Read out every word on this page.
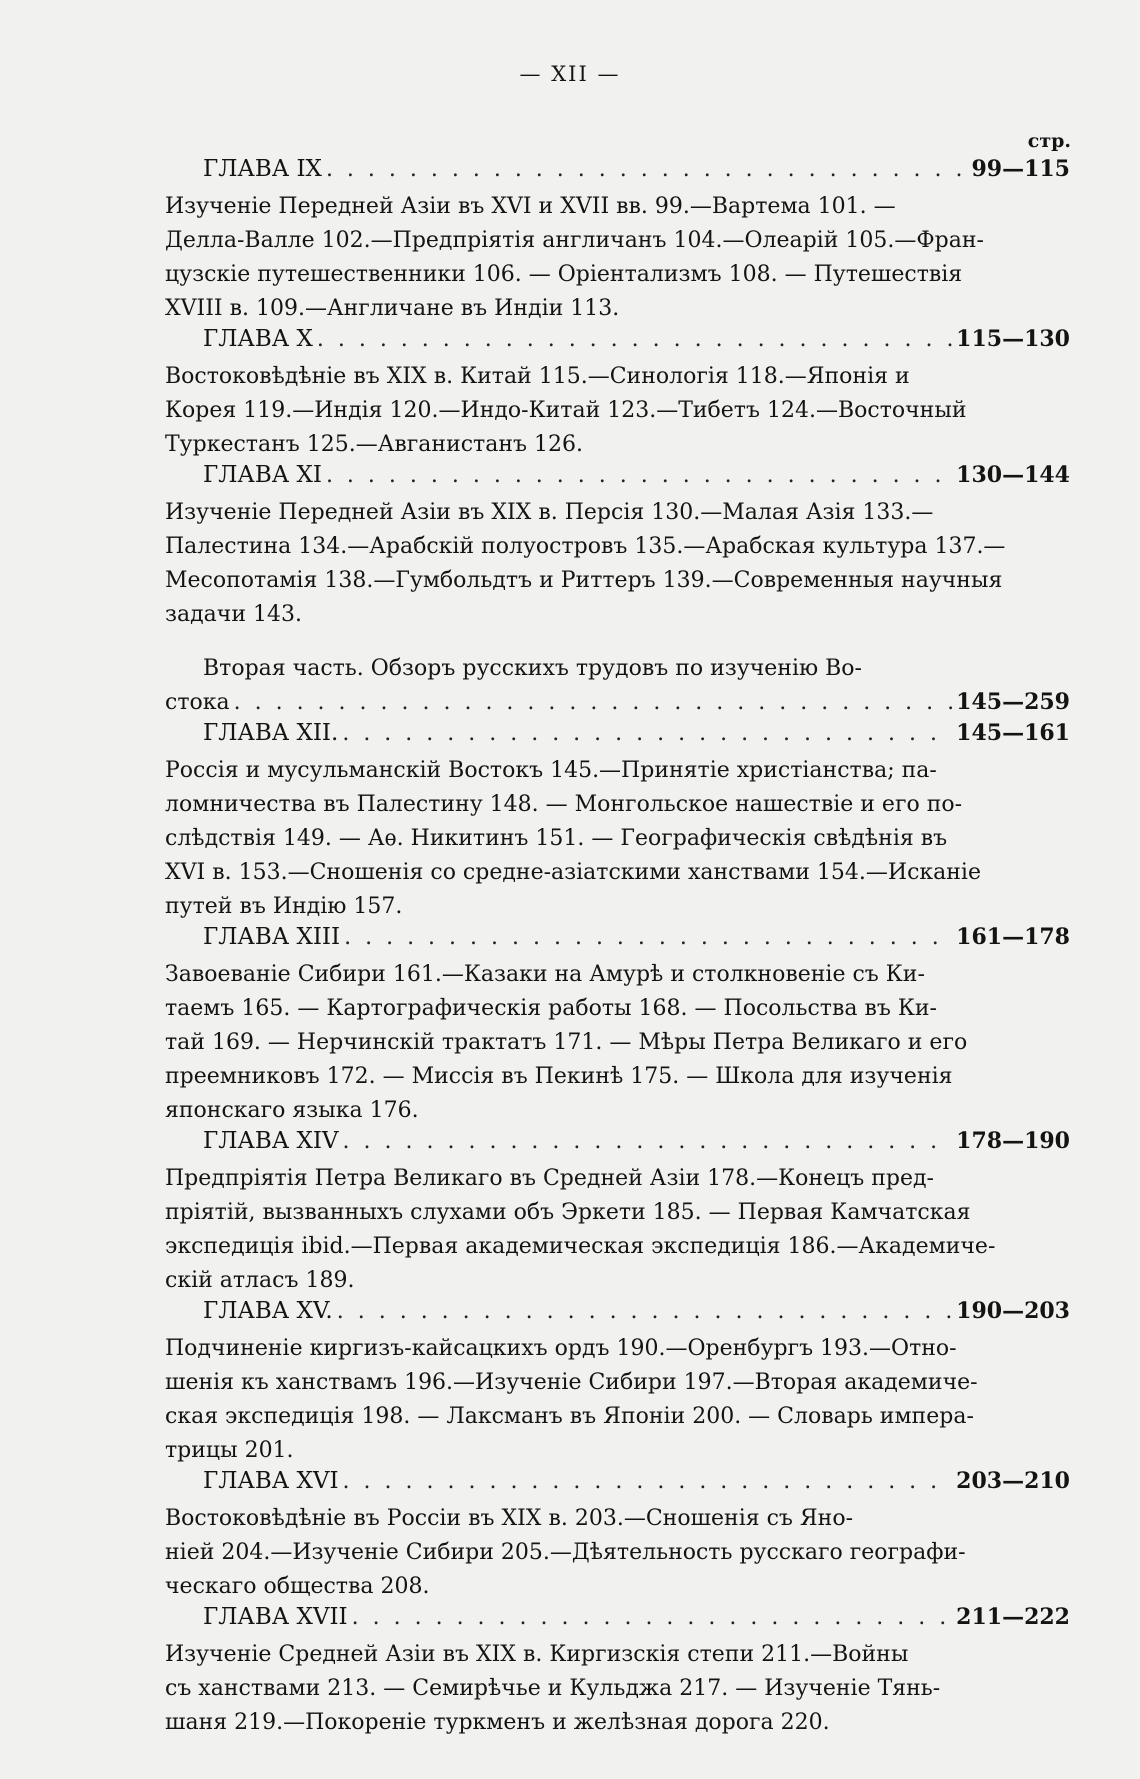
— XII —
стр.
ГЛАВА IX . . .	99—115
Изученіе Передней Азіи въ XVI и XVII вв. 99.—Вартема 101. —
Делла-Валле 102.—Предпріятія англичанъ 104.—Олеарій 105.—Фран-
цузскіе путешественники 106. — Оріентализмъ 108. — Путешествія
XVIII в. 109.—Англичане въ Индіи 113.
ГЛАВА X . . .	115—130
Востоковѣдѣніе въ XIX в. Китай 115.—Синологія 118.—Японія и
Корея 119.—Индія 120.—Индо-Китай 123.—Тибетъ 124.—Восточный
Туркестанъ 125.—Авганистанъ 126.
ГЛАВА XI . . .	130—144
Изученіе Передней Азіи въ XIX в. Персія 130.—Малая Азія 133.—
Палестина 134.—Арабскій полуостровъ 135.—Арабская культура 137.—
Месопотамія 138.—Гумбольдтъ и Риттеръ 139.—Современныя научныя
задачи 143.
Вторая часть. Обзоръ русскихъ трудовъ по изученію Во-
стока . . .	145—259
ГЛАВА XII. . . .	145—161
Россія и мусульманскій Востокъ 145.—Принятіе христіанства; па-
ломничества въ Палестину 148. — Монгольское нашествіе и его по-
слѣдствія 149. — Аѳ. Никитинъ 151. — Географическія свѣдѣнія въ
XVI в. 153.—Сношенія со средне-азіатскими ханствами 154.—Исканіе
путей въ Индію 157.
ГЛАВА XIII . . .	161—178
Завоеваніе Сибири 161.—Казаки на Амурѣ и столкновеніе съ Ки-
таемъ 165. — Картографическія работы 168. — Посольства въ Ки-
тай 169. — Нерчинскій трактатъ 171. — Мѣры Петра Великаго и его
преемниковъ 172. — Миссія въ Пекинѣ 175. — Школа для изученія
японскаго языка 176.
ГЛАВА XIV . . .	178—190
Предпріятія Петра Великаго въ Средней Азіи 178.—Конецъ пред-
пріятій, вызванныхъ слухами объ Эркети 185. — Первая Камчатская
экспедиція ibid.—Первая академическая экспедиція 186.—Академиче-
скій атласъ 189.
ГЛАВА XV. . . .	190—203
Подчиненіе киргизъ-кайсацкихъ ордъ 190.—Оренбургъ 193.—Отно-
шенія къ ханствамъ 196.—Изученіе Сибири 197.—Вторая академиче-
ская экспедиція 198. — Лаксманъ въ Японіи 200. — Словарь импера-
трицы 201.
ГЛАВА XVI . . .	203—210
Востоковѣдѣніе въ Россіи въ XIX в. 203.—Сношенія съ Яно-
ніей 204.—Изученіе Сибири 205.—Дѣятельность русскаго географи-
ческаго общества 208.
ГЛАВА XVII . . .	211—222
Изученіе Средней Азіи въ XIX в. Киргизскія степи 211.—Войны
съ ханствами 213. — Семирѣчье и Кульджа 217. — Изученіе Тянь-
шаня 219.—Покореніе туркменъ и желѣзная дорога 220.
